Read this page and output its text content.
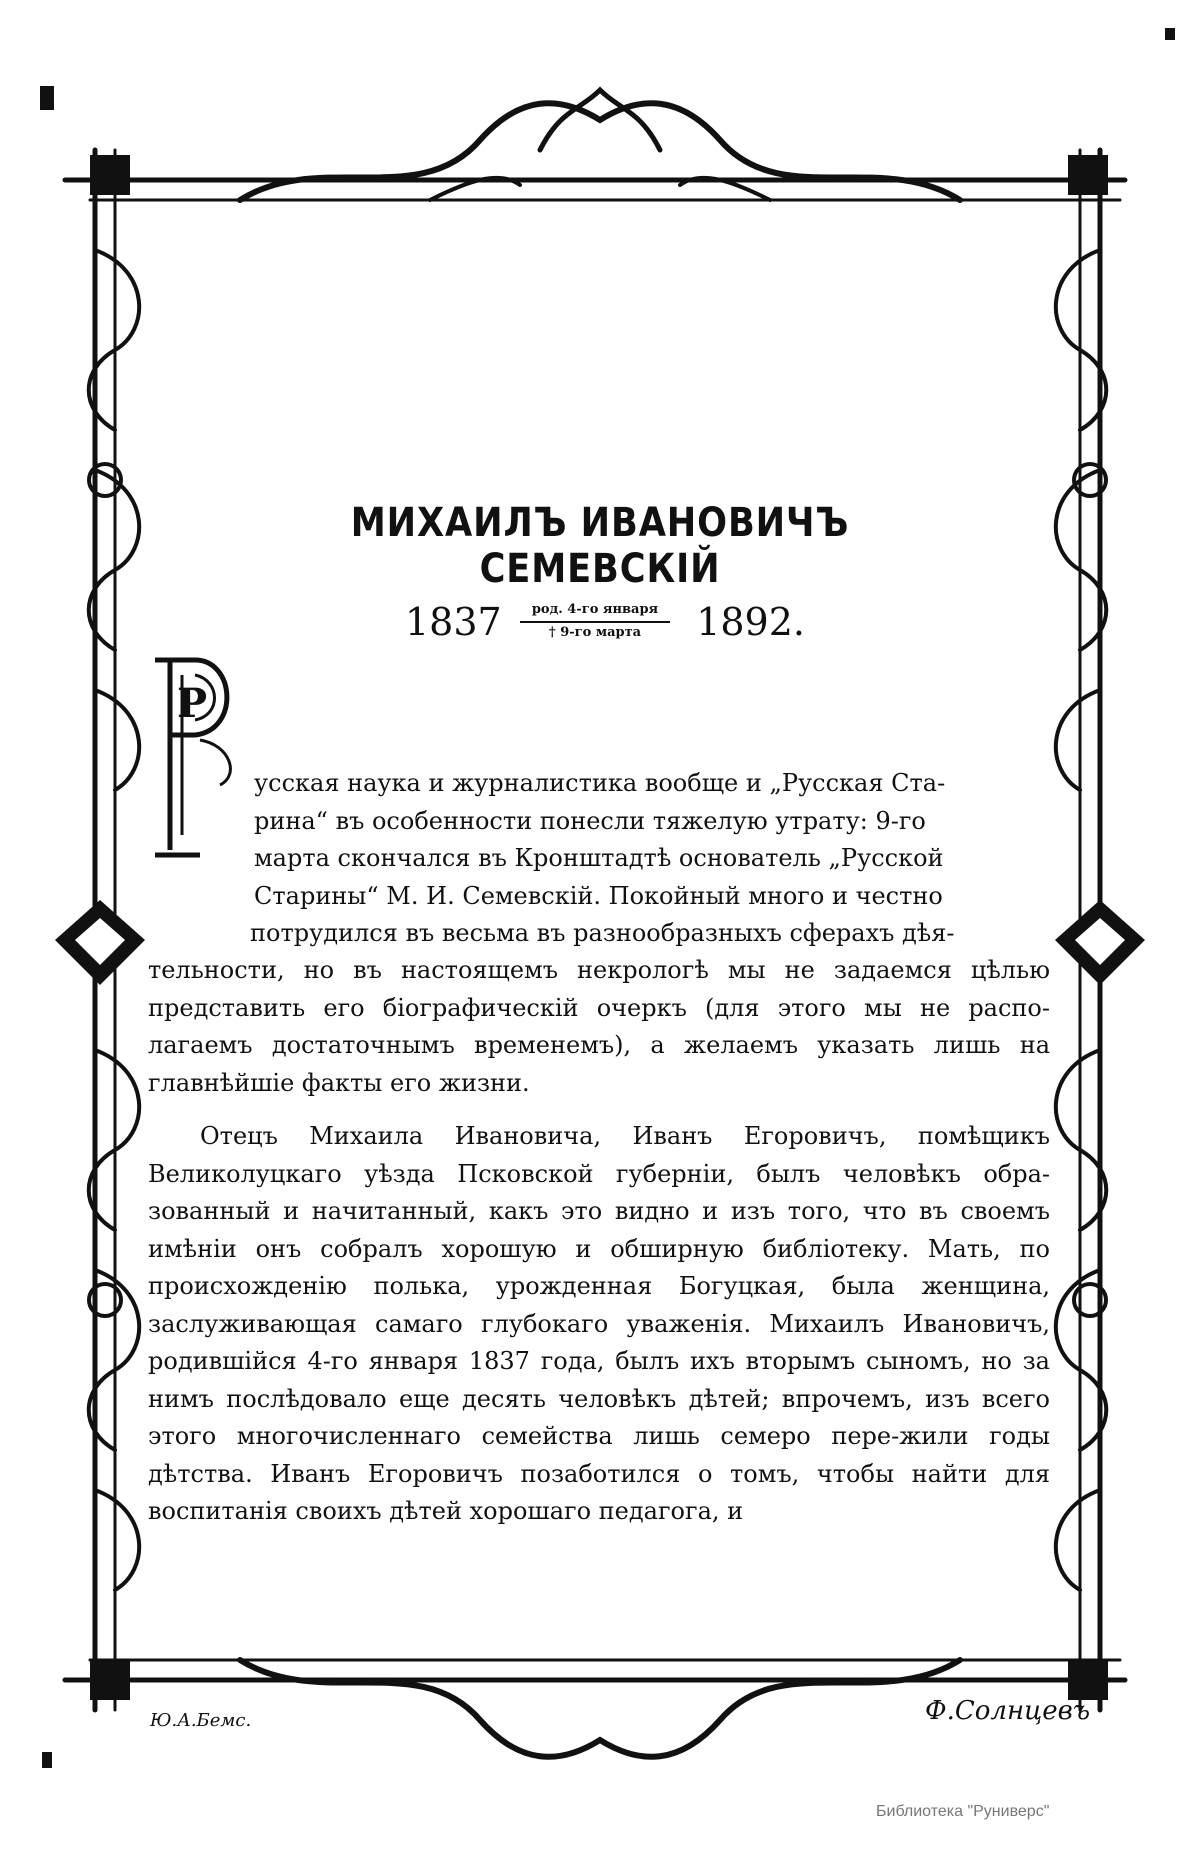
МИХАИЛЪ ИВАНОВИЧЪ СЕМЕВСКIЙ
1837	род. 4-го января
† 9-го марта	1892.
Р

усская наука и журналистика вообще и „Русская Ста-

рина“ въ особенности понесли тяжелую утрату: 9-го

марта скончался въ Кронштадтѣ основатель „Русской

Старины“ М. И. Семевскiй. Покойный много и честно

потрудился въ весьма въ разнообразныхъ сферахъ дѣя-

тельности, но въ настоящемъ некрологѣ мы не задаемся цѣлью представить его бiографическiй очеркъ (для этого мы не распо-лагаемъ достаточнымъ временемъ), а желаемъ указать лишь на главнѣйшiе факты его жизни.

Отецъ Михаила Ивановича, Иванъ Егоровичъ, помѣщикъ Великолуцкаго уѣзда Псковской губернiи, былъ человѣкъ обра-зованный и начитанный, какъ это видно и изъ того, что въ своемъ имѣнiи онъ собралъ хорошую и обширную библiотеку. Мать, по происхожденiю полька, урожденная Богуцкая, была женщина, заслуживающая самаго глубокаго уваженiя. Михаилъ Ивановичъ, родившiйся 4-го января 1837 года, былъ ихъ вторымъ сыномъ, но за нимъ послѣдовало еще десять человѣкъ дѣтей; впрочемъ, изъ всего этого многочисленнаго семейства лишь семеро пере-жили годы дѣтства. Иванъ Егоровичъ позаботился о томъ, чтобы найти для воспитанiя своихъ дѣтей хорошаго педагога, и

Ю.А.Бемс.	Ф.Солнцевъ
Библиотека "Руниверс"
